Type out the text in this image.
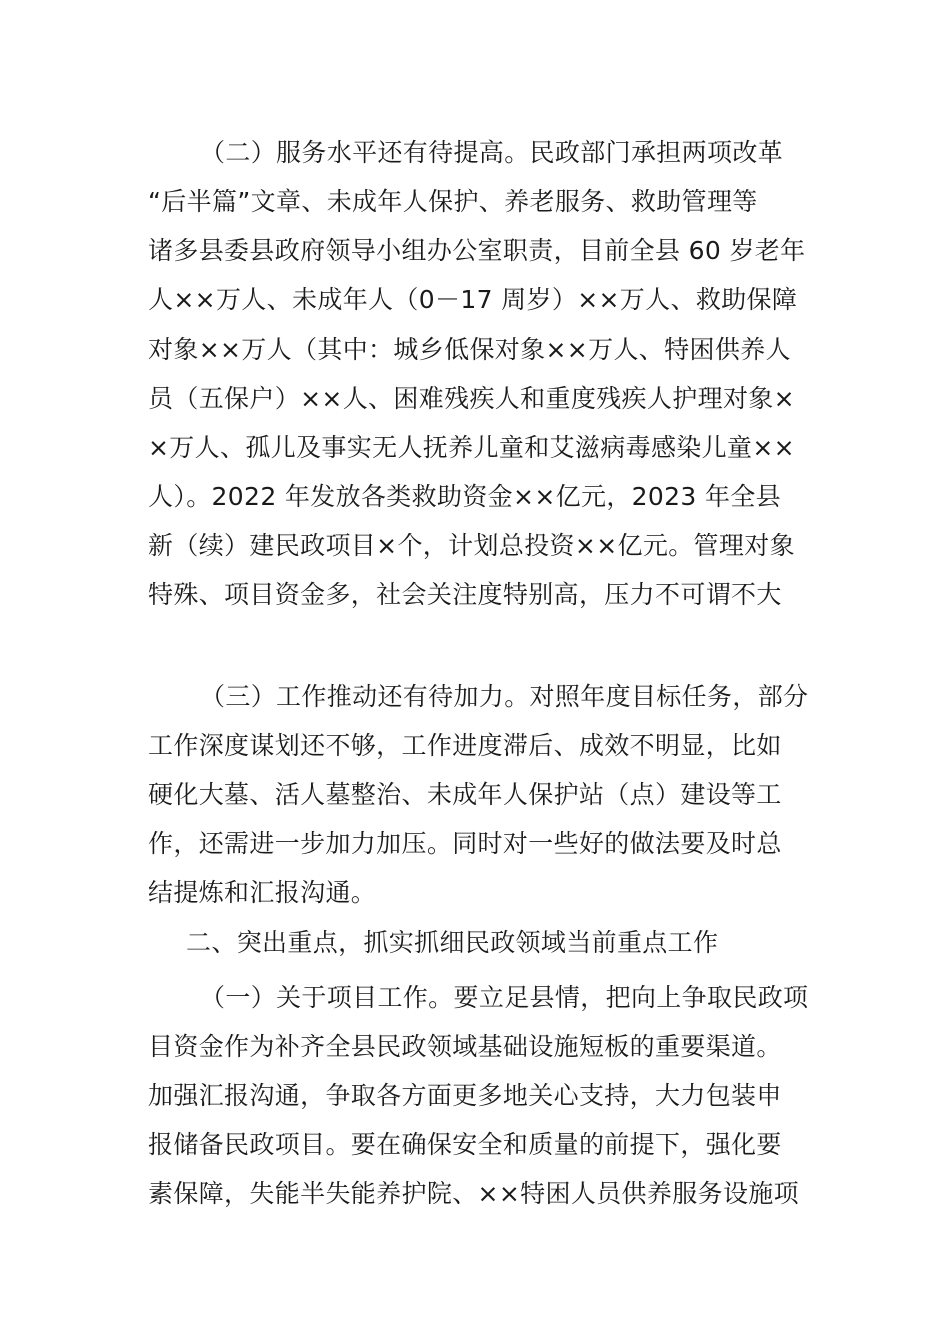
（二）服务水平还有待提高。民政部门承担两项改革
“后半篇”文章、未成年人保护、养老服务、救助管理等
诸多县委县政府领导小组办公室职责，目前全县 60 岁老年
人××万人、未成年人（0－17 周岁）××万人、救助保障
对象××万人（其中：城乡低保对象××万人、特困供养人
员（五保户）××人、困难残疾人和重度残疾人护理对象×
×万人、孤儿及事实无人抚养儿童和艾滋病毒感染儿童××
人）。2022 年发放各类救助资金××亿元，2023 年全县
新（续）建民政项目×个，计划总投资××亿元。管理对象
特殊、项目资金多，社会关注度特别高，压力不可谓不大
（三）工作推动还有待加力。对照年度目标任务，部分
工作深度谋划还不够，工作进度滞后、成效不明显，比如
硬化大墓、活人墓整治、未成年人保护站（点）建设等工
作，还需进一步加力加压。同时对一些好的做法要及时总
结提炼和汇报沟通。
二、突出重点，抓实抓细民政领域当前重点工作
（一）关于项目工作。要立足县情，把向上争取民政项
目资金作为补齐全县民政领域基础设施短板的重要渠道。
加强汇报沟通，争取各方面更多地关心支持，大力包装申
报储备民政项目。要在确保安全和质量的前提下，强化要
素保障，失能半失能养护院、××特困人员供养服务设施项
